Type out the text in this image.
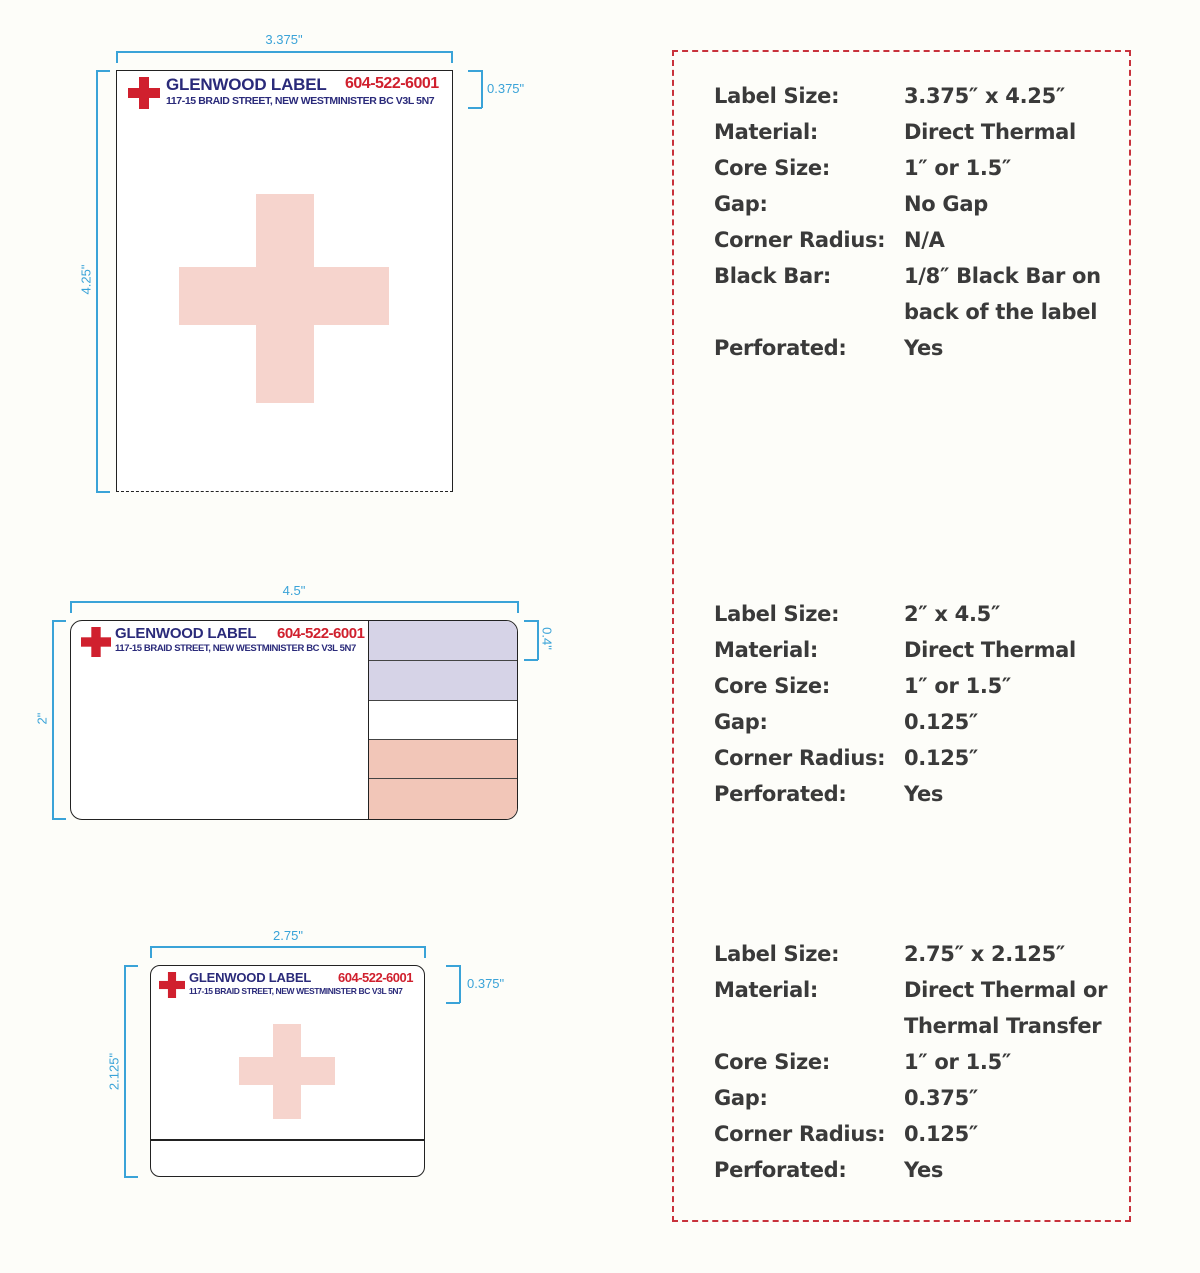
3.375"
4.25"
0.375"
GLENWOOD LABEL 604-522-6001
117-15 BRAID STREET, NEW WESTMINISTER BC V3L 5N7
4.5"
2"
0.4"
GLENWOOD LABEL 604-522-6001
117-15 BRAID STREET, NEW WESTMINISTER BC V3L 5N7
2.75"
2.125"
0.375"
GLENWOOD LABEL 604-522-6001
117-15 BRAID STREET, NEW WESTMINISTER BC V3L 5N7
Label Size:	3.375″ x 4.25″
Material:	Direct Thermal
Core Size:	1″ or 1.5″
Gap:	No Gap
Corner Radius: N/A
Black Bar:	1/8″ Black Bar on
back of the label
Perforated:	Yes
Label Size:	2″ x 4.5″
Material:	Direct Thermal
Core Size:	1″ or 1.5″
Gap:	0.125″
Corner Radius: 0.125″
Perforated:	Yes
Label Size:	2.75″ x 2.125″
Material:	Direct Thermal or
Thermal Transfer
Core Size:	1″ or 1.5″
Gap:	0.375″
Corner Radius: 0.125″
Perforated:	Yes
